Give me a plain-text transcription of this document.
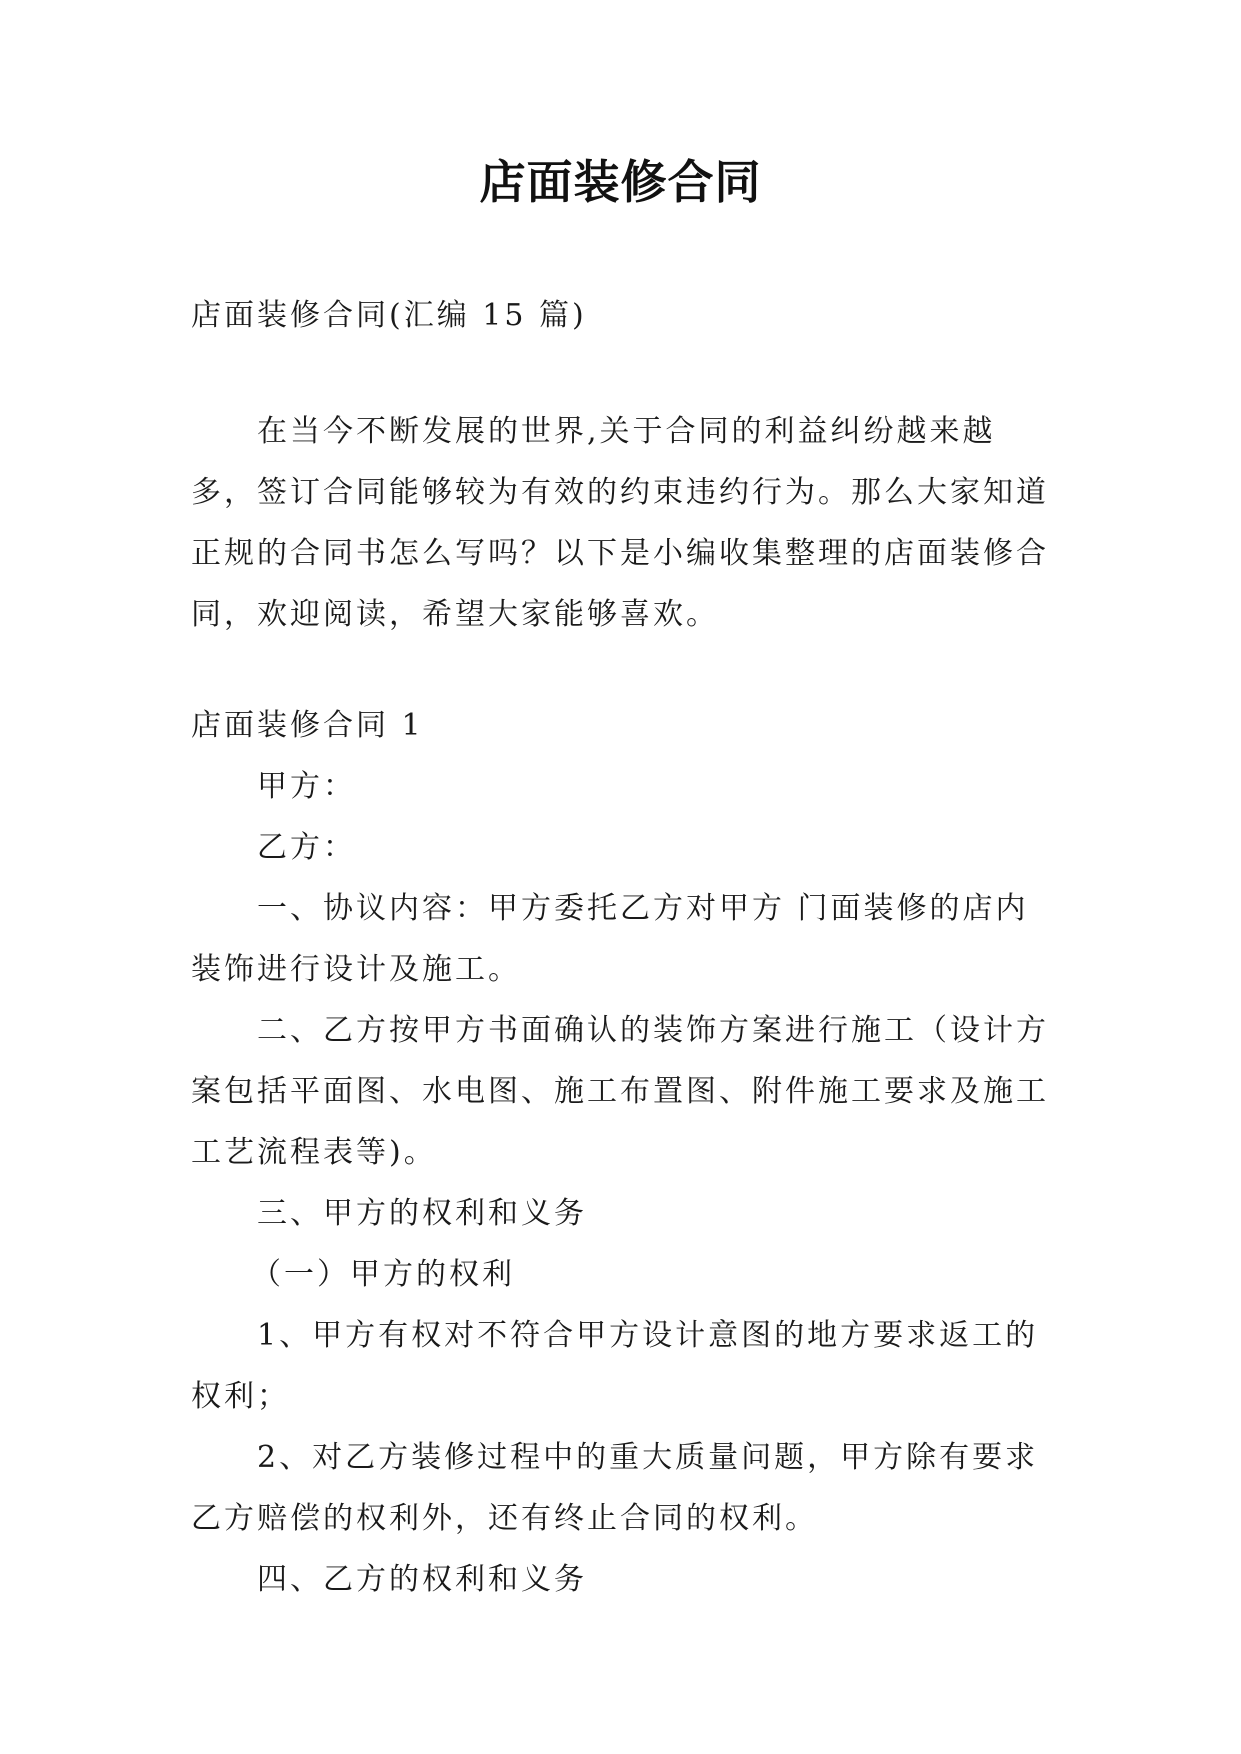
店面装修合同
店面装修合同(汇编 15 篇)

在当今不断发展的世界,关于合同的利益纠纷越来越多，签订合同能够较为有效的约束违约行为。那么大家知道正规的合同书怎么写吗？以下是小编收集整理的店面装修合同，欢迎阅读，希望大家能够喜欢。

店面装修合同 1

甲方：

乙方：

一、协议内容：甲方委托乙方对甲方 门面装修的店内装饰进行设计及施工。

二、乙方按甲方书面确认的装饰方案进行施工（设计方案包括平面图、水电图、施工布置图、附件施工要求及施工工艺流程表等)。

三、甲方的权利和义务

（一）甲方的权利

1、甲方有权对不符合甲方设计意图的地方要求返工的权利；

2、对乙方装修过程中的重大质量问题，甲方除有要求乙方赔偿的权利外，还有终止合同的权利。

四、乙方的权利和义务
